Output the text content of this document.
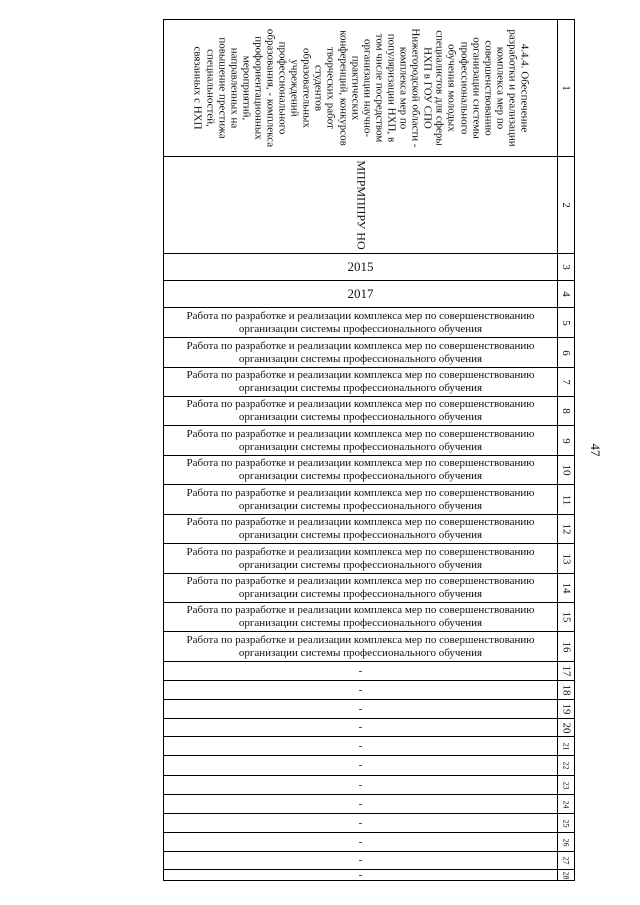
47
4.4.4. Обеспечение разработки и реализации комплекса мер по совершенствованию организации системы профессионального обучения молодых специалистов для сферы НХП в ГОУ СПО Нижегородской области - комплекса мер по популяризации НХП, в том числе посредством организации научно-практических конференций, конкурсов творческих работ студентов образовательных учреждений профессионального образования, - комплекса профориентационных мероприятий, направленных на повышение престижа специальностей, связанных с НХП	1
МПРМППРУ НО	2
2015	3
2017	4
Работа по разработке и реализации комплекса мер по совершенствованию организации системы профессионального обучения	5
Работа по разработке и реализации комплекса мер по совершенствованию организации системы профессионального обучения	6
Работа по разработке и реализации комплекса мер по совершенствованию организации системы профессионального обучения	7
Работа по разработке и реализации комплекса мер по совершенствованию организации системы профессионального обучения	8
Работа по разработке и реализации комплекса мер по совершенствованию организации системы профессионального обучения	9
Работа по разработке и реализации комплекса мер по совершенствованию организации системы профессионального обучения	10
Работа по разработке и реализации комплекса мер по совершенствованию организации системы профессионального обучения	11
Работа по разработке и реализации комплекса мер по совершенствованию организации системы профессионального обучения	12
Работа по разработке и реализации комплекса мер по совершенствованию организации системы профессионального обучения	13
Работа по разработке и реализации комплекса мер по совершенствованию организации системы профессионального обучения	14
Работа по разработке и реализации комплекса мер по совершенствованию организации системы профессионального обучения	15
Работа по разработке и реализации комплекса мер по совершенствованию организации системы профессионального обучения	16
-	17
-	18
-	19
-	20
-	21
-	22
-	23
-	24
-	25
-	26
-	27
-	28
